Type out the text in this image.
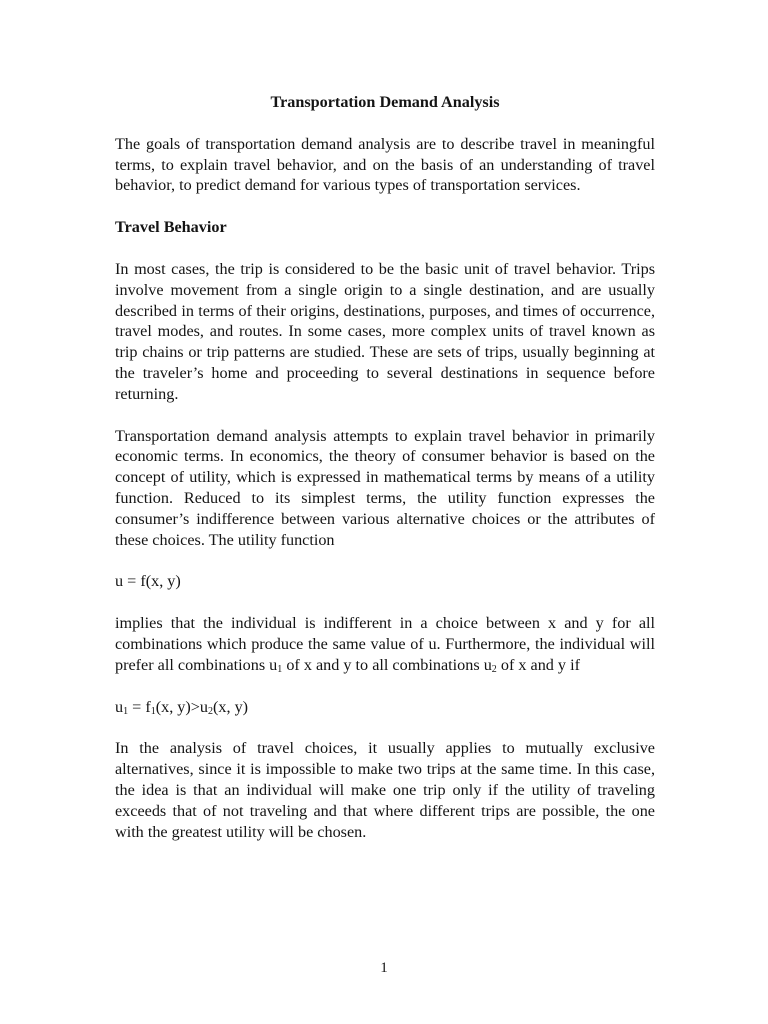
Transportation Demand Analysis

The goals of transportation demand analysis are to describe travel in meaningful terms, to explain travel behavior, and on the basis of an understanding of travel behavior, to predict demand for various types of transportation services.

Travel Behavior

In most cases, the trip is considered to be the basic unit of travel behavior. Trips involve movement from a single origin to a single destination, and are usually described in terms of their origins, destinations, purposes, and times of occurrence, travel modes, and routes. In some cases, more complex units of travel known as trip chains or trip patterns are studied. These are sets of trips, usually beginning at the traveler’s home and proceeding to several destinations in sequence before returning.

Transportation demand analysis attempts to explain travel behavior in primarily economic terms. In economics, the theory of consumer behavior is based on the concept of utility, which is expressed in mathematical terms by means of a utility function. Reduced to its simplest terms, the utility function expresses the consumer’s indifference between various alternative choices or the attributes of these choices. The utility function

u = f(x, y)

implies that the individual is indifferent in a choice between x and y for all combinations which produce the same value of u. Furthermore, the individual will prefer all combinations $u_1$ of x and y to all combinations $u_2$ of x and y if

$u_1 = f_1(x$, $y)>u_2(x$, y)

In the analysis of travel choices, it usually applies to mutually exclusive alternatives, since it is impossible to make two trips at the same time. In this case, the idea is that an individual will make one trip only if the utility of traveling exceeds that of not traveling and that where different trips are possible, the one with the greatest utility will be chosen.

1
